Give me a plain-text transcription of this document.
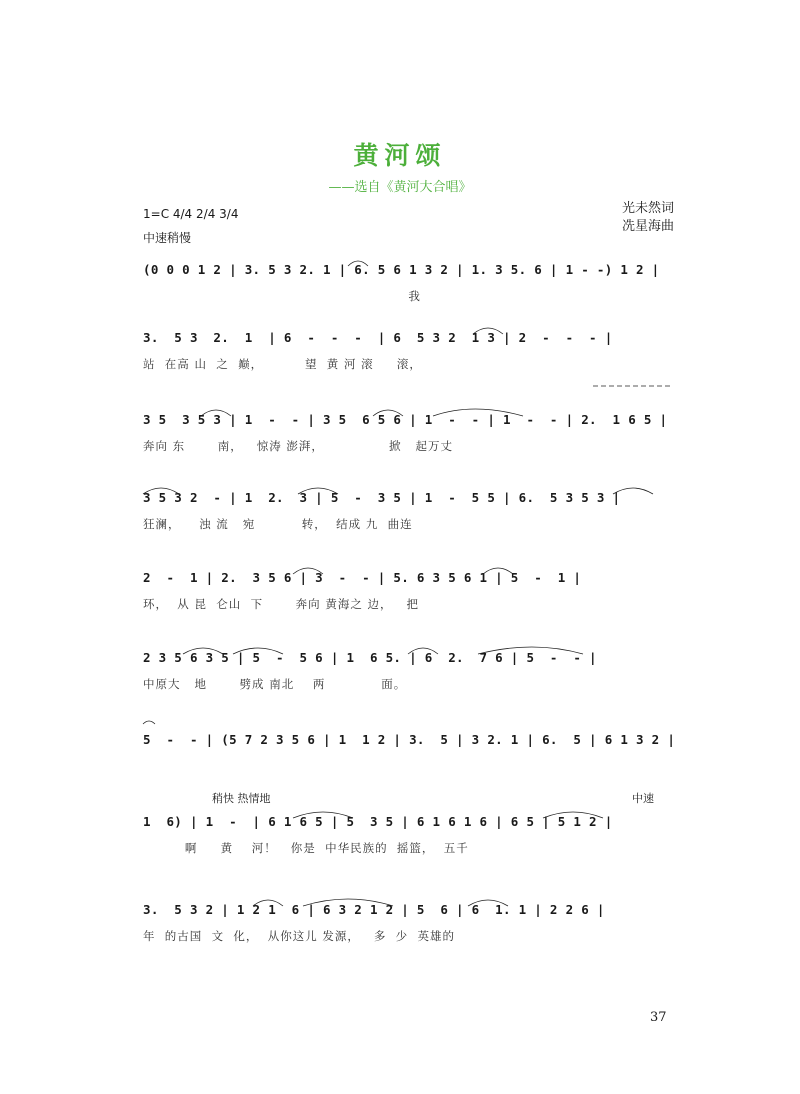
黄河颂
——选自《黄河大合唱》
光未然词
冼星海曲
1=C 4/4 2/4 3/4
中速稍慢
(0 0 0 1 2 | 3. 5 3 2. 1 | 6. 5 6 1 3 2 | 1. 3 5. 6 | 1 - -) 1 2 |
我
3.  5 3  2.  1  | 6  -  -  -  | 6  5 3 2  1 3 | 2  -  -  - |
站  在高 山  之  巅，         望  黄 河 滚     滚，
3 5  3 5 3 | 1  -  - | 3 5  6 5 6 | 1  -  - | 1  -  - | 2.  1 6 5 |
奔向 东       南，   惊涛 澎湃，              掀   起万丈
3 5 3 2  - | 1  2.  3 | 5  -  3 5 | 1  -  5 5 | 6.  5 3 5 3 |
狂澜，    浊 流   宛          转，  结成 九  曲连
2  -  1 | 2.  3 5 6 | 3  -  - | 5. 6 3 5 6 1 | 5  -  1 |
环，  从 昆  仑山  下       奔向 黄海之 边，   把
2 3 5 6 3 5 | 5  -  5 6 | 1  6 5. | 6  2.  7 6 | 5  -  - |
中原大   地       劈成 南北    两            面。
5  -  - | (5 7 2 3 5 6 | 1  1 2 | 3.  5 | 3 2. 1 | 6.  5 | 6 1 3 2 |
稍快 热情地	中速
1  6) | 1  -  | 6 1 6 5 | 5  3 5 | 6 1 6 1 6 | 6 5 | 5 1 2 |
啊     黄    河！   你是  中华民族的  摇篮，  五千
3.  5 3 2 | 1 2 1  6 | 6 3 2 1 2 | 5  6 | 6  1. 1 | 2 2 6 |
年  的古国  文  化，  从你这儿 发源，   多  少  英雄的
37
